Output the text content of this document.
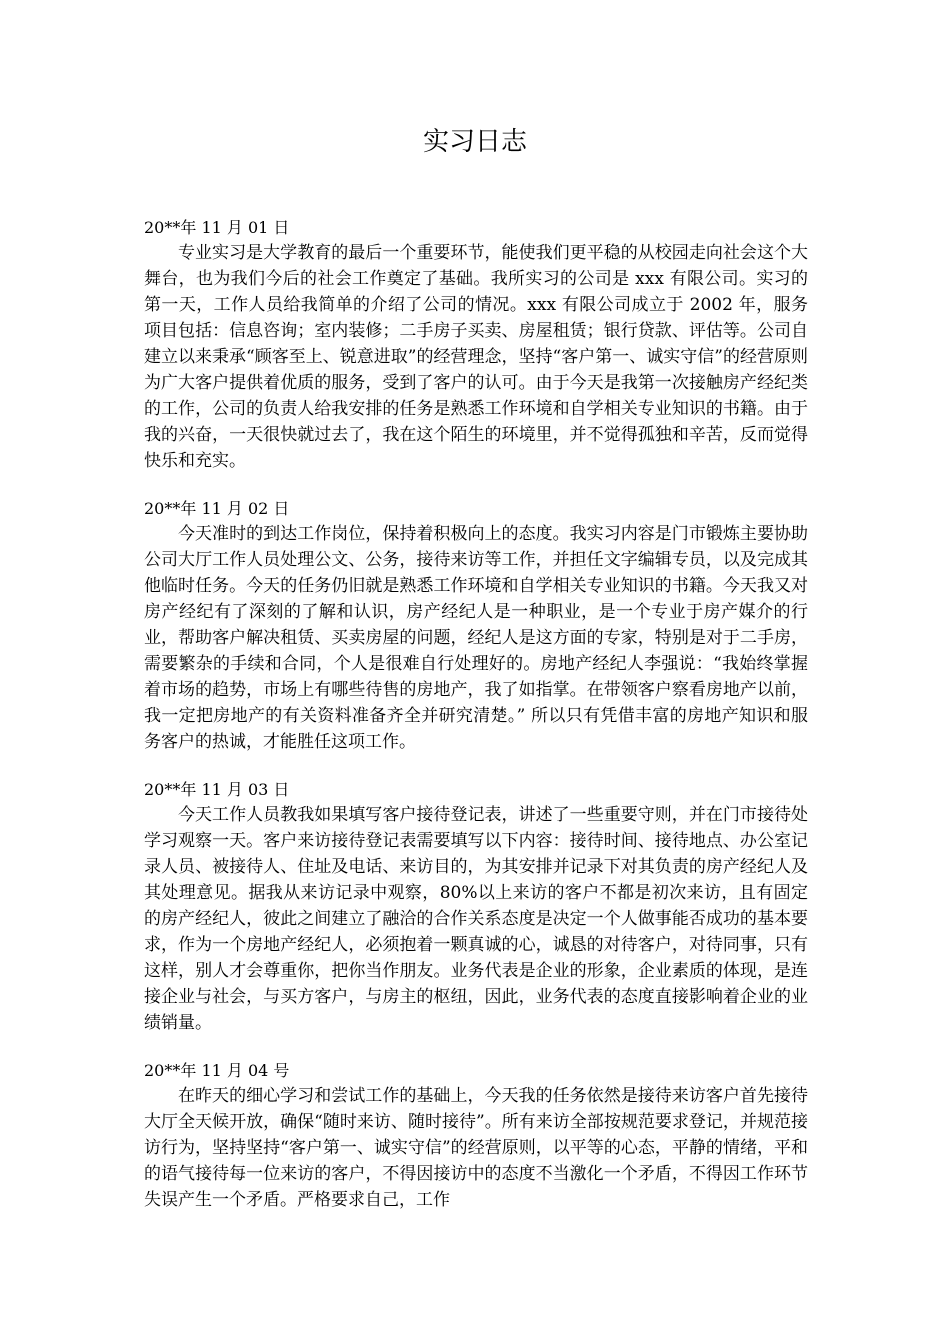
实习日志
20**年 11 月 01 日

专业实习是大学教育的最后一个重要环节，能使我们更平稳的从校园走向社会这个大舞台，也为我们今后的社会工作奠定了基础。我所实习的公司是 xxx 有限公司。实习的第一天，工作人员给我简单的介绍了公司的情况。xxx 有限公司成立于 2002 年，服务项目包括：信息咨询；室内装修；二手房子买卖、房屋租赁；银行贷款、评估等。公司自建立以来秉承“顾客至上、锐意进取”的经营理念，坚持“客户第一、诚实守信”的经营原则为广大客户提供着优质的服务，受到了客户的认可。由于今天是我第一次接触房产经纪类的工作，公司的负责人给我安排的任务是熟悉工作环境和自学相关专业知识的书籍。由于我的兴奋，一天很快就过去了，我在这个陌生的环境里，并不觉得孤独和辛苦，反而觉得快乐和充实。

20**年 11 月 02 日

今天准时的到达工作岗位，保持着积极向上的态度。我实习内容是门市锻炼主要协助公司大厅工作人员处理公文、公务，接待来访等工作，并担任文字编辑专员，以及完成其他临时任务。今天的任务仍旧就是熟悉工作环境和自学相关专业知识的书籍。今天我又对房产经纪有了深刻的了解和认识，房产经纪人是一种职业，是一个专业于房产媒介的行业，帮助客户解决租赁、买卖房屋的问题，经纪人是这方面的专家，特别是对于二手房，需要繁杂的手续和合同，个人是很难自行处理好的。房地产经纪人李强说：“我始终掌握着市场的趋势，市场上有哪些待售的房地产，我了如指掌。在带领客户察看房地产以前，我一定把房地产的有关资料准备齐全并研究清楚。” 所以只有凭借丰富的房地产知识和服务客户的热诚，才能胜任这项工作。

20**年 11 月 03 日

今天工作人员教我如果填写客户接待登记表，讲述了一些重要守则，并在门市接待处学习观察一天。客户来访接待登记表需要填写以下内容：接待时间、接待地点、办公室记录人员、被接待人、住址及电话、来访目的，为其安排并记录下对其负责的房产经纪人及其处理意见。据我从来访记录中观察，80%以上来访的客户不都是初次来访，且有固定的房产经纪人，彼此之间建立了融洽的合作关系态度是决定一个人做事能否成功的基本要求，作为一个房地产经纪人，必须抱着一颗真诚的心，诚恳的对待客户，对待同事，只有这样，别人才会尊重你，把你当作朋友。业务代表是企业的形象，企业素质的体现，是连接企业与社会，与买方客户，与房主的枢纽，因此，业务代表的态度直接影响着企业的业绩销量。

20**年 11 月 04 号

在昨天的细心学习和尝试工作的基础上，今天我的任务依然是接待来访客户首先接待大厅全天候开放，确保“随时来访、随时接待”。所有来访全部按规范要求登记，并规范接访行为，坚持坚持“客户第一、诚实守信”的经营原则，以平等的心态，平静的情绪，平和的语气接待每一位来访的客户，不得因接访中的态度不当激化一个矛盾，不得因工作环节失误产生一个矛盾。严格要求自己，工作
